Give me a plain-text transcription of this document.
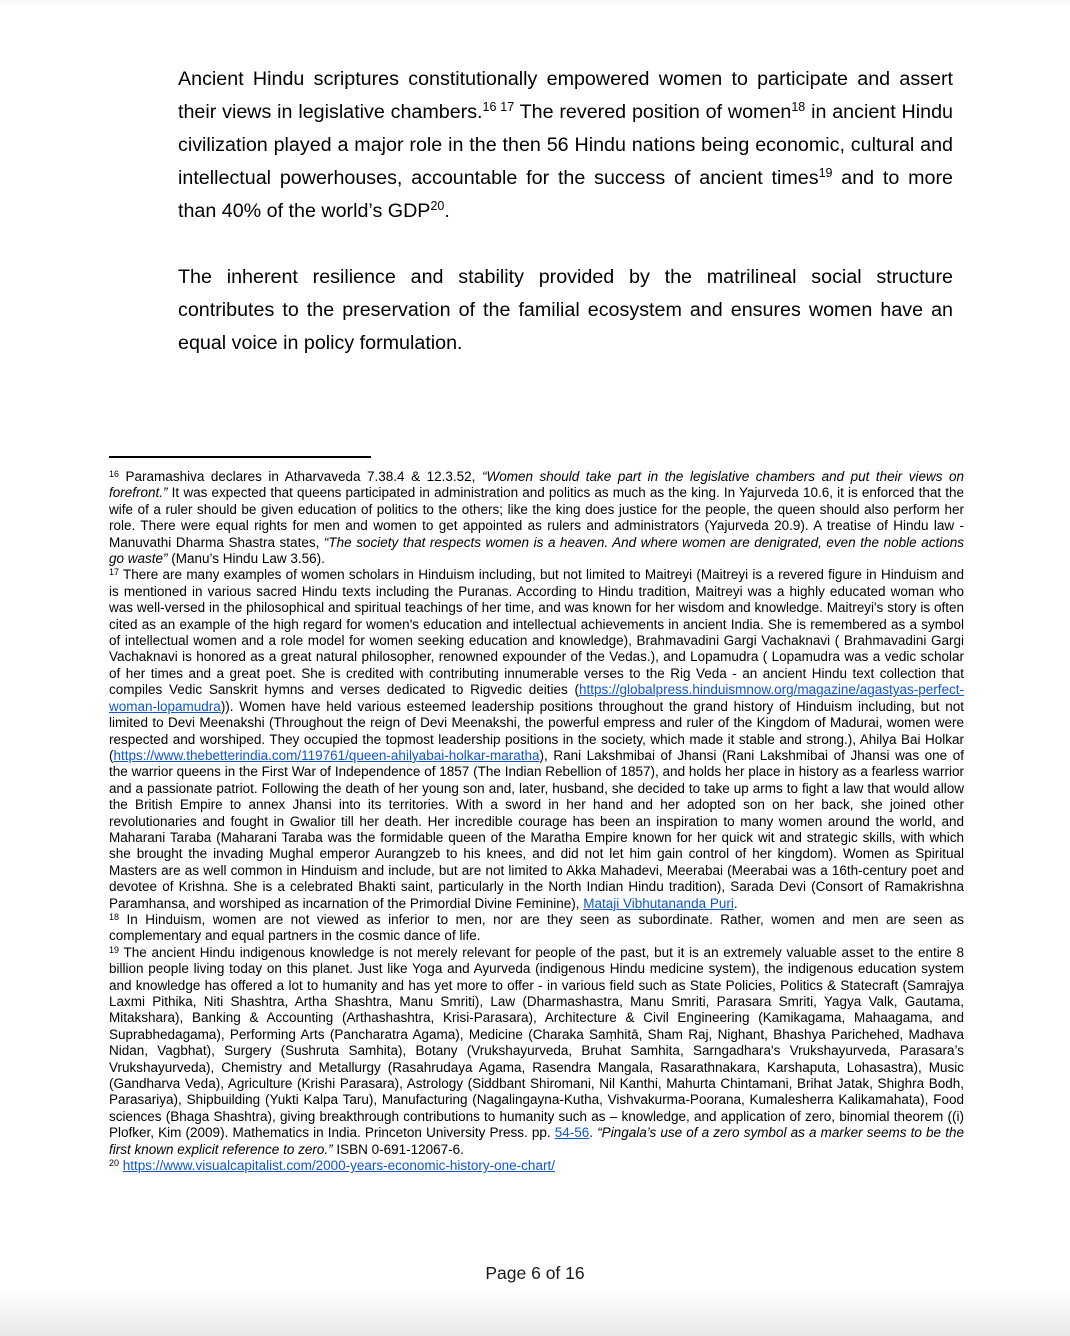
Ancient Hindu scriptures constitutionally empowered women to participate and assert their views in legislative chambers.$^{16}$ $^{17}$ The revered position of women$^{18}$ in ancient Hindu civilization played a major role in the then 56 Hindu nations being economic, cultural and intellectual powerhouses, accountable for the success of ancient times$^{19}$ and to more than 40% of the world’s GDP$^{20}$.

The inherent resilience and stability provided by the matrilineal social structure contributes to the preservation of the familial ecosystem and ensures women have an equal voice in policy formulation.

$^{16}$ Paramashiva declares in Atharvaveda 7.38.4 & 12.3.52, “Women should take part in the legislative chambers and put their views on forefront.” It was expected that queens participated in administration and politics as much as the king. In Yajurveda 10.6, it is enforced that the wife of a ruler should be given education of politics to the others; like the king does justice for the people, the queen should also perform her role. There were equal rights for men and women to get appointed as rulers and administrators (Yajurveda 20.9). A treatise of Hindu law - Manuvathi Dharma Shastra states, “The society that respects women is a heaven. And where women are denigrated, even the noble actions go waste” (Manu’s Hindu Law 3.56).
$^{17}$ There are many examples of women scholars in Hinduism including, but not limited to Maitreyi (Maitreyi is a revered figure in Hinduism and is mentioned in various sacred Hindu texts including the Puranas. According to Hindu tradition, Maitreyi was a highly educated woman who was well-versed in the philosophical and spiritual teachings of her time, and was known for her wisdom and knowledge. Maitreyi's story is often cited as an example of the high regard for women's education and intellectual achievements in ancient India. She is remembered as a symbol of intellectual women and a role model for women seeking education and knowledge), Brahmavadini Gargi Vachaknavi ( Brahmavadini Gargi Vachaknavi is honored as a great natural philosopher, renowned expounder of the Vedas.), and Lopamudra ( Lopamudra was a vedic scholar of her times and a great poet. She is credited with contributing innumerable verses to the Rig Veda - an ancient Hindu text collection that compiles Vedic Sanskrit hymns and verses dedicated to Rigvedic deities (https://globalpress.hinduismnow.org/magazine/agastyas-perfect-woman-lopamudra)). Women have held various esteemed leadership positions throughout the grand history of Hinduism including, but not limited to Devi Meenakshi (Throughout the reign of Devi Meenakshi, the powerful empress and ruler of the Kingdom of Madurai, women were respected and worshiped. They occupied the topmost leadership positions in the society, which made it stable and strong.), Ahilya Bai Holkar (https://www.thebetterindia.com/119761/queen-ahilyabai-holkar-maratha), Rani Lakshmibai of Jhansi (Rani Lakshmibai of Jhansi was one of the warrior queens in the First War of Independence of 1857 (The Indian Rebellion of 1857), and holds her place in history as a fearless warrior and a passionate patriot. Following the death of her young son and, later, husband, she decided to take up arms to fight a law that would allow the British Empire to annex Jhansi into its territories. With a sword in her hand and her adopted son on her back, she joined other revolutionaries and fought in Gwalior till her death. Her incredible courage has been an inspiration to many women around the world, and Maharani Taraba (Maharani Taraba was the formidable queen of the Maratha Empire known for her quick wit and strategic skills, with which she brought the invading Mughal emperor Aurangzeb to his knees, and did not let him gain control of her kingdom). Women as Spiritual Masters are as well common in Hinduism and include, but are not limited to Akka Mahadevi, Meerabai (Meerabai was a 16th-century poet and devotee of Krishna. She is a celebrated Bhakti saint, particularly in the North Indian Hindu tradition), Sarada Devi (Consort of Ramakrishna Paramhansa, and worshiped as incarnation of the Primordial Divine Feminine), Mataji Vibhutananda Puri.
$^{18}$ In Hinduism, women are not viewed as inferior to men, nor are they seen as subordinate. Rather, women and men are seen as complementary and equal partners in the cosmic dance of life.
$^{19}$ The ancient Hindu indigenous knowledge is not merely relevant for people of the past, but it is an extremely valuable asset to the entire 8 billion people living today on this planet. Just like Yoga and Ayurveda (indigenous Hindu medicine system), the indigenous education system and knowledge has offered a lot to humanity and has yet more to offer - in various field such as State Policies, Politics & Statecraft (Samrajya Laxmi Pithika, Niti Shashtra, Artha Shashtra, Manu Smriti), Law (Dharmashastra, Manu Smriti, Parasara Smriti, Yagya Valk, Gautama, Mitakshara), Banking & Accounting (Arthashashtra, Krisi-Parasara), Architecture & Civil Engineering (Kamikagama, Mahaagama, and Suprabhedagama), Performing Arts (Pancharatra Agama), Medicine (Charaka Saṃhitā, Sham Raj, Nighant, Bhashya Parichehed, Madhava Nidan, Vagbhat), Surgery (Sushruta Samhita), Botany (Vrukshayurveda, Bruhat Samhita, Sarngadhara's Vrukshayurveda, Parasara’s Vrukshayurveda), Chemistry and Metallurgy (Rasahrudaya Agama, Rasendra Mangala, Rasarathnakara, Karshaputa, Lohasastra), Music (Gandharva Veda), Agriculture (Krishi Parasara), Astrology (Siddbant Shiromani, Nil Kanthi, Mahurta Chintamani, Brihat Jatak, Shighra Bodh, Parasariya), Shipbuilding (Yukti Kalpa Taru), Manufacturing (Nagalingayna-Kutha, Vishvakurma-Poorana, Kumalesherra Kalikamahata), Food sciences (Bhaga Shashtra), giving breakthrough contributions to humanity such as – knowledge, and application of zero, binomial theorem ((i) Plofker, Kim (2009). Mathematics in India. Princeton University Press. pp. 54-56. “Pingala’s use of a zero symbol as a marker seems to be the first known explicit reference to zero.” ISBN 0-691-12067-6.
$^{20}$ https://www.visualcapitalist.com/2000-years-economic-history-one-chart/
Page 6 of 16
